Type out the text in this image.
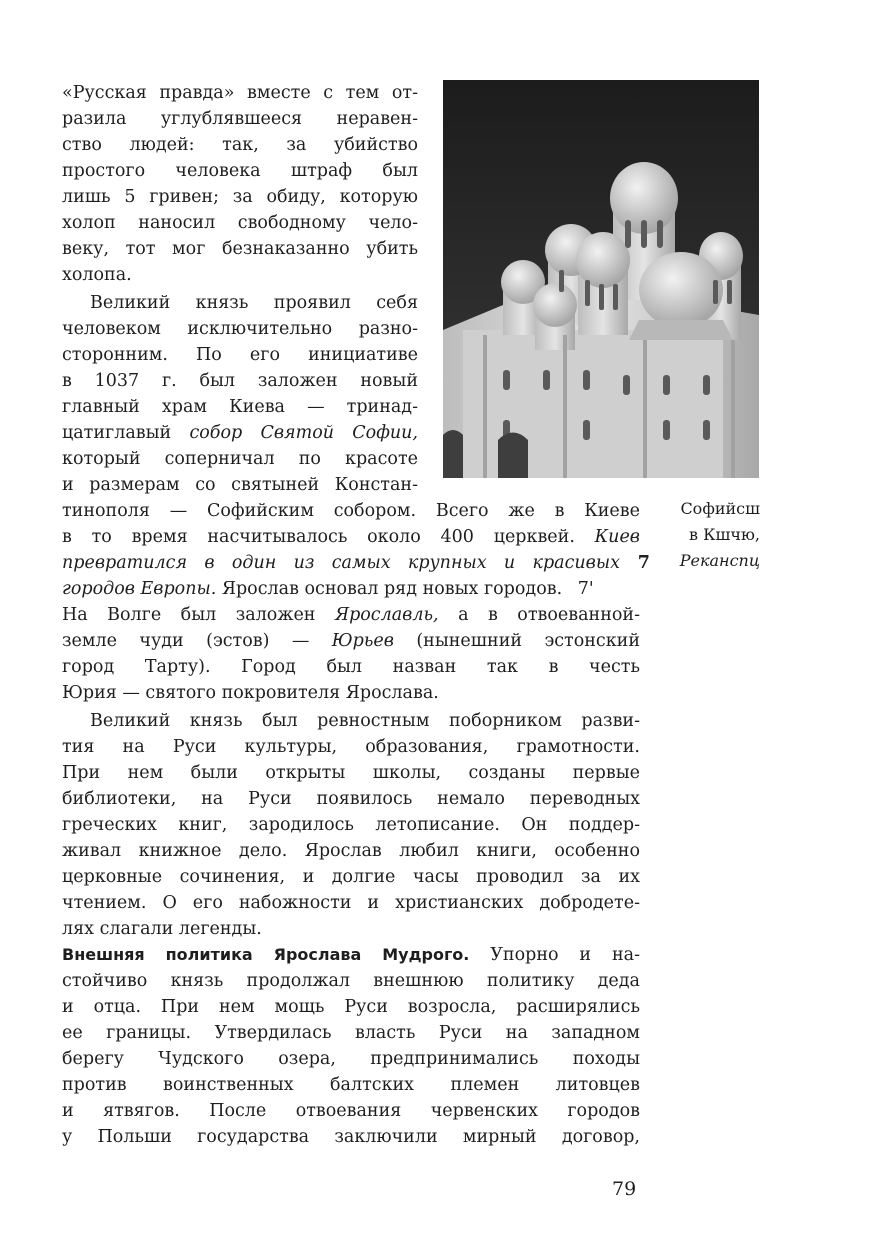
«Русская правда» вместе с тем от-
разила углублявшееся неравен-
ство людей: так, за убийство
простого человека штраф был
лишь 5 гривен; за обиду, которую
холоп наносил свободному чело-
веку, тот мог безнаказанно убить
холопа.
Великий князь проявил себя
человеком исключительно разно-
сторонним. По его инициативе
в 1037 г. был заложен новый
главный храм Киева — тринад-
цатиглавый собор Святой Софии,
который соперничал по красоте
и размерам со святыней Констан-
тинополя — Софийским собором. Всего же в Киеве
в то время насчитывалось около 400 церквей. Киев
превратился в один из самых крупных и красивых 7
городов Европы. Ярослав основал ряд новых городов. 7'
На Волге был заложен Ярославль, а в отвоеванной-
земле чуди (эстов) — Юрьев (нынешний эстонский
город Тарту). Город был назван так в честь
Юрия — святого покровителя Ярослава.
Великий князь был ревностным поборником разви-
тия на Руси культуры, образования, грамотности.
При нем были открыты школы, созданы первые
библиотеки, на Руси появилось немало переводных
греческих книг, зародилось летописание. Он поддер-
живал книжное дело. Ярослав любил книги, особенно
церковные сочинения, и долгие часы проводил за их
чтением. О его набожности и христианских добродете-
лях слагали легенды.
Внешняя политика Ярослава Мудрого. Упорно и на-
стойчиво князь продолжал внешнюю политику деда
и отца. При нем мощь Руси возросла, расширялись
ее границы. Утвердилась власть Руси на западном
берегу Чудского озера, предпринимались походы
против воинственных балтских племен литовцев
и ятвягов. После отвоевания червенских городов
у Польши государства заключили мирный договор,
Софийсш
в Кшчю,
Реканспц
79
